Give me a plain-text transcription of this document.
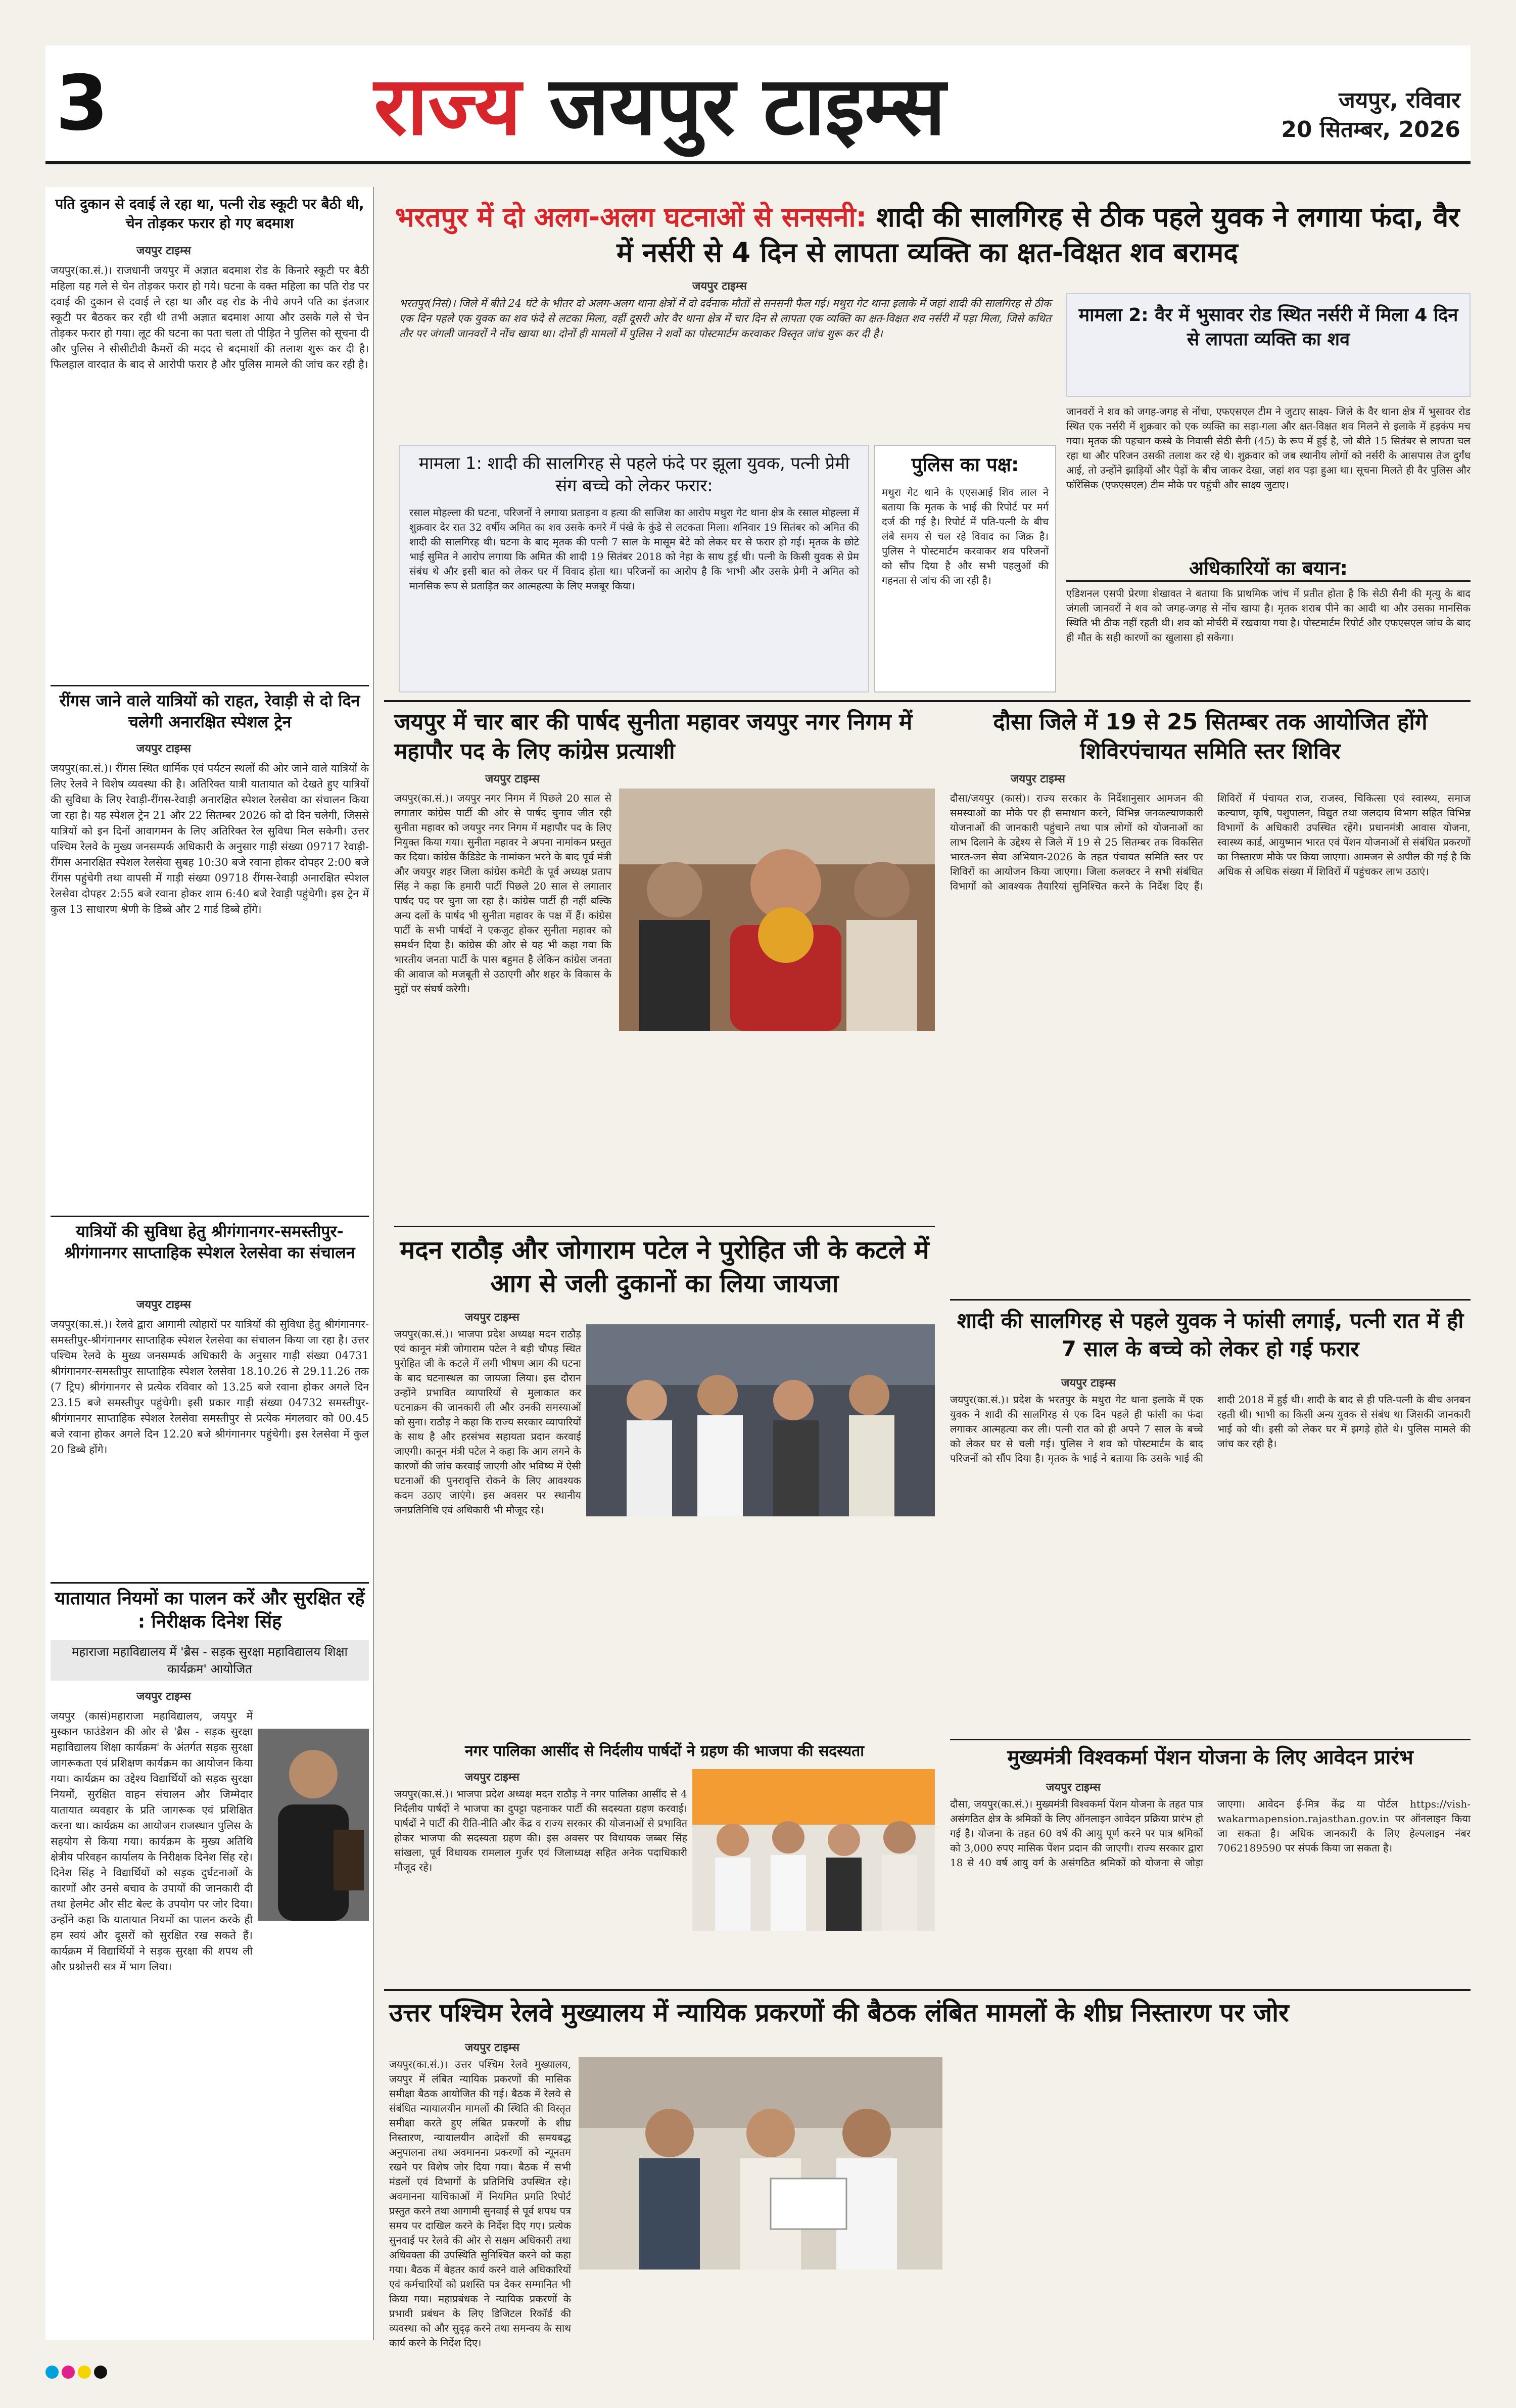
3	राज्य जयपुर टाइम्स	जयपुर, रविवार
20 सितम्बर, 2026
पति दुकान से दवाई ले रहा था, पत्नी रोड स्कूटी पर बैठी थी, चेन तोड़कर फरार हो गए बदमाश
जयपुर टाइम्स
जयपुर(का.सं.)। राजधानी जयपुर में अज्ञात बदमाश रोड के किनारे स्कूटी पर बैठी महिला यह गले से चेन तोड़कर फरार हो गये। घटना के वक्त महिला का पति रोड पर दवाई की दुकान से दवाई ले रहा था और वह रोड के नीचे अपने पति का इंतजार स्कूटी पर बैठकर कर रही थी तभी अज्ञात बदमाश आया और उसके गले से चेन तोड़कर फरार हो गया। लूट की घटना का पता चला तो पीड़ित ने पुलिस को सूचना दी और पुलिस ने सीसीटीवी कैमरों की मदद से बदमाशों की तलाश शुरू कर दी है। फिलहाल वारदात के बाद से आरोपी फरार है और पुलिस मामले की जांच कर रही है।
रींगस जाने वाले यात्रियों को राहत, रेवाड़ी से दो दिन चलेगी अनारक्षित स्पेशल ट्रेन
जयपुर टाइम्स
जयपुर(का.सं.)। रींगस स्थित धार्मिक एवं पर्यटन स्थलों की ओर जाने वाले यात्रियों के लिए रेलवे ने विशेष व्यवस्था की है। अतिरिक्त यात्री यातायात को देखते हुए यात्रियों की सुविधा के लिए रेवाड़ी-रींगस-रेवाड़ी अनारक्षित स्पेशल रेलसेवा का संचालन किया जा रहा है। यह स्पेशल ट्रेन 21 और 22 सितम्बर 2026 को दो दिन चलेगी, जिससे यात्रियों को इन दिनों आवागमन के लिए अतिरिक्त रेल सुविधा मिल सकेगी। उत्तर पश्चिम रेलवे के मुख्य जनसम्पर्क अधिकारी के अनुसार गाड़ी संख्या 09717 रेवाड़ी-रींगस अनारक्षित स्पेशल रेलसेवा सुबह 10:30 बजे रवाना होकर दोपहर 2:00 बजे रींगस पहुंचेगी तथा वापसी में गाड़ी संख्या 09718 रींगस-रेवाड़ी अनारक्षित स्पेशल रेलसेवा दोपहर 2:55 बजे रवाना होकर शाम 6:40 बजे रेवाड़ी पहुंचेगी। इस ट्रेन में कुल 13 साधारण श्रेणी के डिब्बे और 2 गार्ड डिब्बे होंगे।
यात्रियों की सुविधा हेतु श्रीगंगानगर-समस्तीपुर- श्रीगंगानगर साप्ताहिक स्पेशल रेलसेवा का संचालन
जयपुर टाइम्स
जयपुर(का.सं.)। रेलवे द्वारा आगामी त्योहारों पर यात्रियों की सुविधा हेतु श्रीगंगानगर-समस्तीपुर-श्रीगंगानगर साप्ताहिक स्पेशल रेलसेवा का संचालन किया जा रहा है। उत्तर पश्चिम रेलवे के मुख्य जनसम्पर्क अधिकारी के अनुसार गाड़ी संख्या 04731 श्रीगंगानगर-समस्तीपुर साप्ताहिक स्पेशल रेलसेवा 18.10.26 से 29.11.26 तक (7 ट्रिप) श्रीगंगानगर से प्रत्येक रविवार को 13.25 बजे रवाना होकर अगले दिन 23.15 बजे समस्तीपुर पहुंचेगी। इसी प्रकार गाड़ी संख्या 04732 समस्तीपुर-श्रीगंगानगर साप्ताहिक स्पेशल रेलसेवा समस्तीपुर से प्रत्येक मंगलवार को 00.45 बजे रवाना होकर अगले दिन 12.20 बजे श्रीगंगानगर पहुंचेगी। इस रेलसेवा में कुल 20 डिब्बे होंगे।
यातायात नियमों का पालन करें और सुरक्षित रहें : निरीक्षक दिनेश सिंह
महाराजा महाविद्यालय में 'ब्रैस - सड़क सुरक्षा महाविद्यालय शिक्षा कार्यक्रम' आयोजित
जयपुर टाइम्स
जयपुर (कासं)महाराजा महाविद्यालय, जयपुर में मुस्कान फाउंडेशन की ओर से 'ब्रैस - सड़क सुरक्षा महाविद्यालय शिक्षा कार्यक्रम' के अंतर्गत सड़क सुरक्षा जागरूकता एवं प्रशिक्षण कार्यक्रम का आयोजन किया गया। कार्यक्रम का उद्देश्य विद्यार्थियों को सड़क सुरक्षा नियमों, सुरक्षित वाहन संचालन और जिम्मेदार यातायात व्यवहार के प्रति जागरूक एवं प्रशिक्षित करना था। कार्यक्रम का आयोजन राजस्थान पुलिस के सहयोग से किया गया। कार्यक्रम के मुख्य अतिथि क्षेत्रीय परिवहन कार्यालय के निरीक्षक दिनेश सिंह रहे। दिनेश सिंह ने विद्यार्थियों को सड़क दुर्घटनाओं के कारणों और उनसे बचाव के उपायों की जानकारी दी तथा हेलमेट और सीट बेल्ट के उपयोग पर जोर दिया। उन्होंने कहा कि यातायात नियमों का पालन करके ही हम स्वयं और दूसरों को सुरक्षित रख सकते हैं। कार्यक्रम में विद्यार्थियों ने सड़क सुरक्षा की शपथ ली और प्रश्नोत्तरी सत्र में भाग लिया।
भरतपुर में दो अलग-अलग घटनाओं से सनसनी: शादी की सालगिरह से ठीक पहले युवक ने लगाया फंदा, वैर में नर्सरी से 4 दिन से लापता व्यक्ति का क्षत-विक्षत शव बरामद
जयपुर टाइम्स
भरतपुर(निसं)। जिले में बीते 24 घंटे के भीतर दो अलग-अलग थाना क्षेत्रों में दो दर्दनाक मौतों से सनसनी फैल गई। मथुरा गेट थाना इलाके में जहां शादी की सालगिरह से ठीक एक दिन पहले एक युवक का शव फंदे से लटका मिला, वहीं दूसरी ओर वैर थाना क्षेत्र में चार दिन से लापता एक व्यक्ति का क्षत-विक्षत शव नर्सरी में पड़ा मिला, जिसे कथित तौर पर जंगली जानवरों ने नोंच खाया था। दोनों ही मामलों में पुलिस ने शवों का पोस्टमार्टम करवाकर विस्तृत जांच शुरू कर दी है।
मामला 1: शादी की सालगिरह से पहले फंदे पर झूला युवक, पत्नी प्रेमी संग बच्चे को लेकर फरार:
रसाल मोहल्ला की घटना, परिजनों ने लगाया प्रताड़ना व हत्या की साजिश का आरोप मथुरा गेट थाना क्षेत्र के रसाल मोहल्ला में शुक्रवार देर रात 32 वर्षीय अमित का शव उसके कमरे में पंखे के कुंडे से लटकता मिला। शनिवार 19 सितंबर को अमित की शादी की सालगिरह थी। घटना के बाद मृतक की पत्नी 7 साल के मासूम बेटे को लेकर घर से फरार हो गई। मृतक के छोटे भाई सुमित ने आरोप लगाया कि अमित की शादी 19 सितंबर 2018 को नेहा के साथ हुई थी। पत्नी के किसी युवक से प्रेम संबंध थे और इसी बात को लेकर घर में विवाद होता था। परिजनों का आरोप है कि भाभी और उसके प्रेमी ने अमित को मानसिक रूप से प्रताड़ित कर आत्महत्या के लिए मजबूर किया।
पुलिस का पक्ष:
मथुरा गेट थाने के एएसआई शिव लाल ने बताया कि मृतक के भाई की रिपोर्ट पर मर्ग दर्ज की गई है। रिपोर्ट में पति-पत्नी के बीच लंबे समय से चल रहे विवाद का जिक्र है। पुलिस ने पोस्टमार्टम करवाकर शव परिजनों को सौंप दिया है और सभी पहलुओं की गहनता से जांच की जा रही है।
मामला 2: वैर में भुसावर रोड स्थित नर्सरी में मिला 4 दिन से लापता व्यक्ति का शव
जानवरों ने शव को जगह-जगह से नोंचा, एफएसएल टीम ने जुटाए साक्ष्य- जिले के वैर थाना क्षेत्र में भुसावर रोड स्थित एक नर्सरी में शुक्रवार को एक व्यक्ति का सड़ा-गला और क्षत-विक्षत शव मिलने से इलाके में हड़कंप मच गया। मृतक की पहचान कस्बे के निवासी सेठी सैनी (45) के रूप में हुई है, जो बीते 15 सितंबर से लापता चल रहा था और परिजन उसकी तलाश कर रहे थे। शुक्रवार को जब स्थानीय लोगों को नर्सरी के आसपास तेज दुर्गंध आई, तो उन्होंने झाड़ियों और पेड़ों के बीच जाकर देखा, जहां शव पड़ा हुआ था। सूचना मिलते ही वैर पुलिस और फॉरेंसिक (एफएसएल) टीम मौके पर पहुंची और साक्ष्य जुटाए।
अधिकारियों का बयान:
एडिशनल एसपी प्रेरणा शेखावत ने बताया कि प्राथमिक जांच में प्रतीत होता है कि सेठी सैनी की मृत्यु के बाद जंगली जानवरों ने शव को जगह-जगह से नोंच खाया है। मृतक शराब पीने का आदी था और उसका मानसिक स्थिति भी ठीक नहीं रहती थी। शव को मोर्चरी में रखवाया गया है। पोस्टमार्टम रिपोर्ट और एफएसएल जांच के बाद ही मौत के सही कारणों का खुलासा हो सकेगा।
जयपुर में चार बार की पार्षद सुनीता महावर जयपुर नगर निगम में महापौर पद के लिए कांग्रेस प्रत्याशी
जयपुर टाइम्स
जयपुर(का.सं.)। जयपुर नगर निगम में पिछले 20 साल से लगातार कांग्रेस पार्टी की ओर से पार्षद चुनाव जीत रही सुनीता महावर को जयपुर नगर निगम में महापौर पद के लिए नियुक्त किया गया। सुनीता महावर ने अपना नामांकन प्रस्तुत कर दिया। कांग्रेस कैंडिडेट के नामांकन भरने के बाद पूर्व मंत्री और जयपुर शहर जिला कांग्रेस कमेटी के पूर्व अध्यक्ष प्रताप सिंह ने कहा कि हमारी पार्टी पिछले 20 साल से लगातार पार्षद पद पर चुना जा रहा है। कांग्रेस पार्टी ही नहीं बल्कि अन्य दलों के पार्षद भी सुनीता महावर के पक्ष में हैं। कांग्रेस पार्टी के सभी पार्षदों ने एकजुट होकर सुनीता महावर को समर्थन दिया है। कांग्रेस की ओर से यह भी कहा गया कि भारतीय जनता पार्टी के पास बहुमत है लेकिन कांग्रेस जनता की आवाज को मजबूती से उठाएगी और शहर के विकास के मुद्दों पर संघर्ष करेगी।
मदन राठौड़ और जोगाराम पटेल ने पुरोहित जी के कटले में आग से जली दुकानों का लिया जायजा
जयपुर टाइम्स
जयपुर(का.सं.)। भाजपा प्रदेश अध्यक्ष मदन राठौड़ एवं कानून मंत्री जोगाराम पटेल ने बड़ी चौपड़ स्थित पुरोहित जी के कटले में लगी भीषण आग की घटना के बाद घटनास्थल का जायजा लिया। इस दौरान उन्होंने प्रभावित व्यापारियों से मुलाकात कर घटनाक्रम की जानकारी ली और उनकी समस्याओं को सुना। राठौड़ ने कहा कि राज्य सरकार व्यापारियों के साथ है और हरसंभव सहायता प्रदान करवाई जाएगी। कानून मंत्री पटेल ने कहा कि आग लगने के कारणों की जांच करवाई जाएगी और भविष्य में ऐसी घटनाओं की पुनरावृत्ति रोकने के लिए आवश्यक कदम उठाए जाएंगे। इस अवसर पर स्थानीय जनप्रतिनिधि एवं अधिकारी भी मौजूद रहे।
नगर पालिका आसींद से निर्दलीय पार्षदों ने ग्रहण की भाजपा की सदस्यता
जयपुर टाइम्स
जयपुर(का.सं.)। भाजपा प्रदेश अध्यक्ष मदन राठौड़ ने नगर पालिका आसींद से 4 निर्दलीय पार्षदों ने भाजपा का दुपट्टा पहनाकर पार्टी की सदस्यता ग्रहण करवाई। पार्षदों ने पार्टी की रीति-नीति और केंद्र व राज्य सरकार की योजनाओं से प्रभावित होकर भाजपा की सदस्यता ग्रहण की। इस अवसर पर विधायक जब्बर सिंह सांखला, पूर्व विधायक रामलाल गुर्जर एवं जिलाध्यक्ष सहित अनेक पदाधिकारी मौजूद रहे।
दौसा जिले में 19 से 25 सितम्बर तक आयोजित होंगे शिविरपंचायत समिति स्तर शिविर
जयपुर टाइम्स
दौसा/जयपुर (कासं)। राज्य सरकार के निर्देशानुसार आमजन की समस्याओं का मौके पर ही समाधान करने, विभिन्न जनकल्याणकारी योजनाओं की जानकारी पहुंचाने तथा पात्र लोगों को योजनाओं का लाभ दिलाने के उद्देश्य से जिले में 19 से 25 सितम्बर तक विकसित भारत-जन सेवा अभियान-2026 के तहत पंचायत समिति स्तर पर शिविरों का आयोजन किया जाएगा। जिला कलक्टर ने सभी संबंधित विभागों को आवश्यक तैयारियां सुनिश्चित करने के निर्देश दिए हैं। शिविरों में पंचायत राज, राजस्व, चिकित्सा एवं स्वास्थ्य, समाज कल्याण, कृषि, पशुपालन, विद्युत तथा जलदाय विभाग सहित विभिन्न विभागों के अधिकारी उपस्थित रहेंगे। प्रधानमंत्री आवास योजना, स्वास्थ्य कार्ड, आयुष्मान भारत एवं पेंशन योजनाओं से संबंधित प्रकरणों का निस्तारण मौके पर किया जाएगा। आमजन से अपील की गई है कि अधिक से अधिक संख्या में शिविरों में पहुंचकर लाभ उठाएं।
शादी की सालगिरह से पहले युवक ने फांसी लगाई, पत्नी रात में ही 7 साल के बच्चे को लेकर हो गई फरार
जयपुर टाइम्स
जयपुर(का.सं.)। प्रदेश के भरतपुर के मथुरा गेट थाना इलाके में एक युवक ने शादी की सालगिरह से एक दिन पहले ही फांसी का फंदा लगाकर आत्महत्या कर ली। पत्नी रात को ही अपने 7 साल के बच्चे को लेकर घर से चली गई। पुलिस ने शव को पोस्टमार्टम के बाद परिजनों को सौंप दिया है। मृतक के भाई ने बताया कि उसके भाई की शादी 2018 में हुई थी। शादी के बाद से ही पति-पत्नी के बीच अनबन रहती थी। भाभी का किसी अन्य युवक से संबंध था जिसकी जानकारी भाई को थी। इसी को लेकर घर में झगड़े होते थे। पुलिस मामले की जांच कर रही है।
मुख्यमंत्री विश्वकर्मा पेंशन योजना के लिए आवेदन प्रारंभ
जयपुर टाइम्स
दौसा, जयपुर(का.सं.)। मुख्यमंत्री विश्वकर्मा पेंशन योजना के तहत पात्र असंगठित क्षेत्र के श्रमिकों के लिए ऑनलाइन आवेदन प्रक्रिया प्रारंभ हो गई है। योजना के तहत 60 वर्ष की आयु पूर्ण करने पर पात्र श्रमिकों को 3,000 रुपए मासिक पेंशन प्रदान की जाएगी। राज्य सरकार द्वारा 18 से 40 वर्ष आयु वर्ग के असंगठित श्रमिकों को योजना से जोड़ा जाएगा। आवेदन ई-मित्र केंद्र या पोर्टल https://vish-wakarmapension.rajasthan.gov.in पर ऑनलाइन किया जा सकता है। अधिक जानकारी के लिए हेल्पलाइन नंबर 7062189590 पर संपर्क किया जा सकता है।
उत्तर पश्चिम रेलवे मुख्यालय में न्यायिक प्रकरणों की बैठक लंबित मामलों के शीघ्र निस्तारण पर जोर
जयपुर टाइम्स
जयपुर(का.सं.)। उत्तर पश्चिम रेलवे मुख्यालय, जयपुर में लंबित न्यायिक प्रकरणों की मासिक समीक्षा बैठक आयोजित की गई। बैठक में रेलवे से संबंधित न्यायालयीन मामलों की स्थिति की विस्तृत समीक्षा करते हुए लंबित प्रकरणों के शीघ्र निस्तारण, न्यायालयीन आदेशों की समयबद्ध अनुपालना तथा अवमानना प्रकरणों को न्यूनतम रखने पर विशेष जोर दिया गया। बैठक में सभी मंडलों एवं विभागों के प्रतिनिधि उपस्थित रहे। अवमानना याचिकाओं में नियमित प्रगति रिपोर्ट प्रस्तुत करने तथा आगामी सुनवाई से पूर्व शपथ पत्र समय पर दाखिल करने के निर्देश दिए गए। प्रत्येक सुनवाई पर रेलवे की ओर से सक्षम अधिकारी तथा अधिवक्ता की उपस्थिति सुनिश्चित करने को कहा गया। बैठक में बेहतर कार्य करने वाले अधिकारियों एवं कर्मचारियों को प्रशस्ति पत्र देकर सम्मानित भी किया गया। महाप्रबंधक ने न्यायिक प्रकरणों के प्रभावी प्रबंधन के लिए डिजिटल रिकॉर्ड की व्यवस्था को और सुदृढ़ करने तथा समन्वय के साथ कार्य करने के निर्देश दिए।
